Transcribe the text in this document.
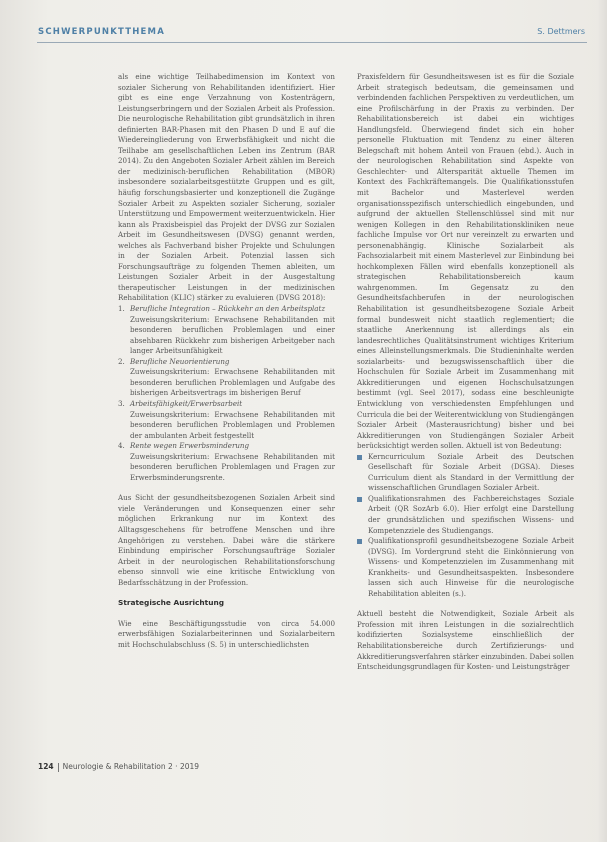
SCHWERPUNKTTHEMA	S. Dettmers

als eine wichtige Teilhabedimension im Kontext von sozialer Sicherung von Rehabilitanden identifiziert. Hier gibt es eine enge Verzahnung von Kostenträgern, Leistungserbringern und der Sozialen Arbeit als Profession. Die neurologische Rehabilitation gibt grundsätzlich in ihren definierten BAR-Phasen mit den Phasen D und E auf die Wiedereingliederung von Erwerbsfähigkeit und nicht die Teilhabe am gesellschaftlichen Leben ins Zentrum (BAR 2014). Zu den Angeboten Sozialer Arbeit zählen im Bereich der medizinisch-beruflichen Rehabilitation (MBOR) insbesondere sozialarbeitsgestützte Gruppen und es gilt, häufig forschungsbasierter und konzeptionell die Zugänge Sozialer Arbeit zu Aspekten sozialer Sicherung, sozialer Unterstützung und Empowerment weiterzuentwickeln. Hier kann als Praxisbeispiel das Projekt der DVSG zur Sozialen Arbeit im Gesundheitswesen (DVSG) genannt werden, welches als Fachverband bisher Projekte und Schulungen in der Sozialen Arbeit. Potenzial lassen sich Forschungsaufträge zu folgenden Themen ableiten, um Leistungen Sozialer Arbeit in der Ausgestaltung therapeutischer Leistungen in der medizinischen Rehabilitation (KLIC) stärker zu evaluieren (DVSG 2018):

1. Berufliche Integration – Rückkehr an den Arbeitsplatz
Zuweisungskriterium: Erwachsene Rehabilitanden mit besonderen beruflichen Problemlagen und einer absehbaren Rückkehr zum bisherigen Arbeitgeber nach langer Arbeitsunfähigkeit
2. Berufliche Neuorientierung
Zuweisungskriterium: Erwachsene Rehabilitanden mit besonderen beruflichen Problemlagen und Aufgabe des bisherigen Arbeitsvertrags im bisherigen Beruf
3. Arbeitsfähigkeit/Erwerbsarbeit
Zuweisungskriterium: Erwachsene Rehabilitanden mit besonderen beruflichen Problemlagen und Problemen der ambulanten Arbeit festgestellt
4. Rente wegen Erwerbsminderung
Zuweisungskriterium: Erwachsene Rehabilitanden mit besonderen beruflichen Problemlagen und Fragen zur Erwerbsminderungsrente.

Aus Sicht der gesundheitsbezogenen Sozialen Arbeit sind viele Veränderungen und Konsequenzen einer sehr möglichen Erkrankung nur im Kontext des Alltagsgeschehens für betroffene Menschen und ihre Angehörigen zu verstehen. Dabei wäre die stärkere Einbindung empirischer Forschungsaufträge Sozialer Arbeit in der neurologischen Rehabilitationsforschung ebenso sinnvoll wie eine kritische Entwicklung von Bedarfsschätzung in der Profession.

Strategische Ausrichtung

Wie eine Beschäftigungsstudie von circa 54.000 erwerbsfähigen Sozialarbeiterinnen und Sozialarbeitern mit Hochschulabschluss (S. 5) in unterschiedlichsten

Praxisfeldern für Gesundheitswesen ist es für die Soziale Arbeit strategisch bedeutsam, die gemeinsamen und verbindenden fachlichen Perspektiven zu verdeutlichen, um eine Profilschärfung in der Praxis zu verbinden. Der Rehabilitationsbereich ist dabei ein wichtiges Handlungsfeld. Überwiegend findet sich ein hoher personelle Fluktuation mit Tendenz zu einer älteren Belegschaft mit hohem Anteil von Frauen (ebd.). Auch in der neurologischen Rehabilitation sind Aspekte von Geschlechter- und Altersparität aktuelle Themen im Kontext des Fachkräftemangels. Die Qualifikationsstufen mit Bachelor und Masterlevel werden organisationsspezifisch unterschiedlich eingebunden, und aufgrund der aktuellen Stellenschlüssel sind mit nur wenigen Kollegen in den Rehabilitationskliniken neue fachliche Impulse vor Ort nur vereinzelt zu erwarten und personenabhängig. Klinische Sozialarbeit als Fachsozialarbeit mit einem Masterlevel zur Einbindung bei hochkomplexen Fällen wird ebenfalls konzeptionell als strategischen Rehabilitationsbereich kaum wahrgenommen. Im Gegensatz zu den Gesundheitsfachberufen in der neurologischen Rehabilitation ist gesundheitsbezogene Soziale Arbeit formal bundesweit nicht staatlich reglementiert; die staatliche Anerkennung ist allerdings als ein landesrechtliches Qualitätsinstrument wichtiges Kriterium eines Alleinstellungsmerkmals. Die Studieninhalte werden sozialarbeits- und bezugswissenschaftlich über die Hochschulen für Soziale Arbeit im Zusammenhang mit Akkreditierungen und eigenen Hochschulsatzungen bestimmt (vgl. Seel 2017), sodass eine beschleunigte Entwicklung von verschiedensten Empfehlungen und Curricula die bei der Weiterentwicklung von Studiengängen Sozialer Arbeit (Masterausrichtung) bisher und bei Akkreditierungen von Studiengängen Sozialer Arbeit berücksichtigt werden sollen. Aktuell ist von Bedeutung:

Kerncurriculum Soziale Arbeit des Deutschen Gesellschaft für Soziale Arbeit (DGSA). Dieses Curriculum dient als Standard in der Vermittlung der wissenschaftlichen Grundlagen Sozialer Arbeit.
Qualifikationsrahmen des Fachbereichstages Soziale Arbeit (QR SozArb 6.0). Hier erfolgt eine Darstellung der grundsätzlichen und spezifischen Wissens- und Kompetenzziele des Studiengangs.
Qualifikationsprofil gesundheitsbezogene Soziale Arbeit (DVSG). Im Vordergrund steht die Einkönnierung von Wissens- und Kompetenzzielen im Zusammenhang mit Krankheits- und Gesundheitsaspekten. Insbesondere lassen sich auch Hinweise für die neurologische Rehabilitation ableiten (s.).

Aktuell besteht die Notwendigkeit, Soziale Arbeit als Profession mit ihren Leistungen in die sozialrechtlich kodifizierten Sozialsysteme einschließlich der Rehabilitationsbereiche durch Zertifizierungs- und Akkreditierungsverfahren stärker einzubinden. Dabei sollen Entscheidungsgrundlagen für Kosten- und Leistungsträger

124 Neurologie & Rehabilitation 2 · 2019
